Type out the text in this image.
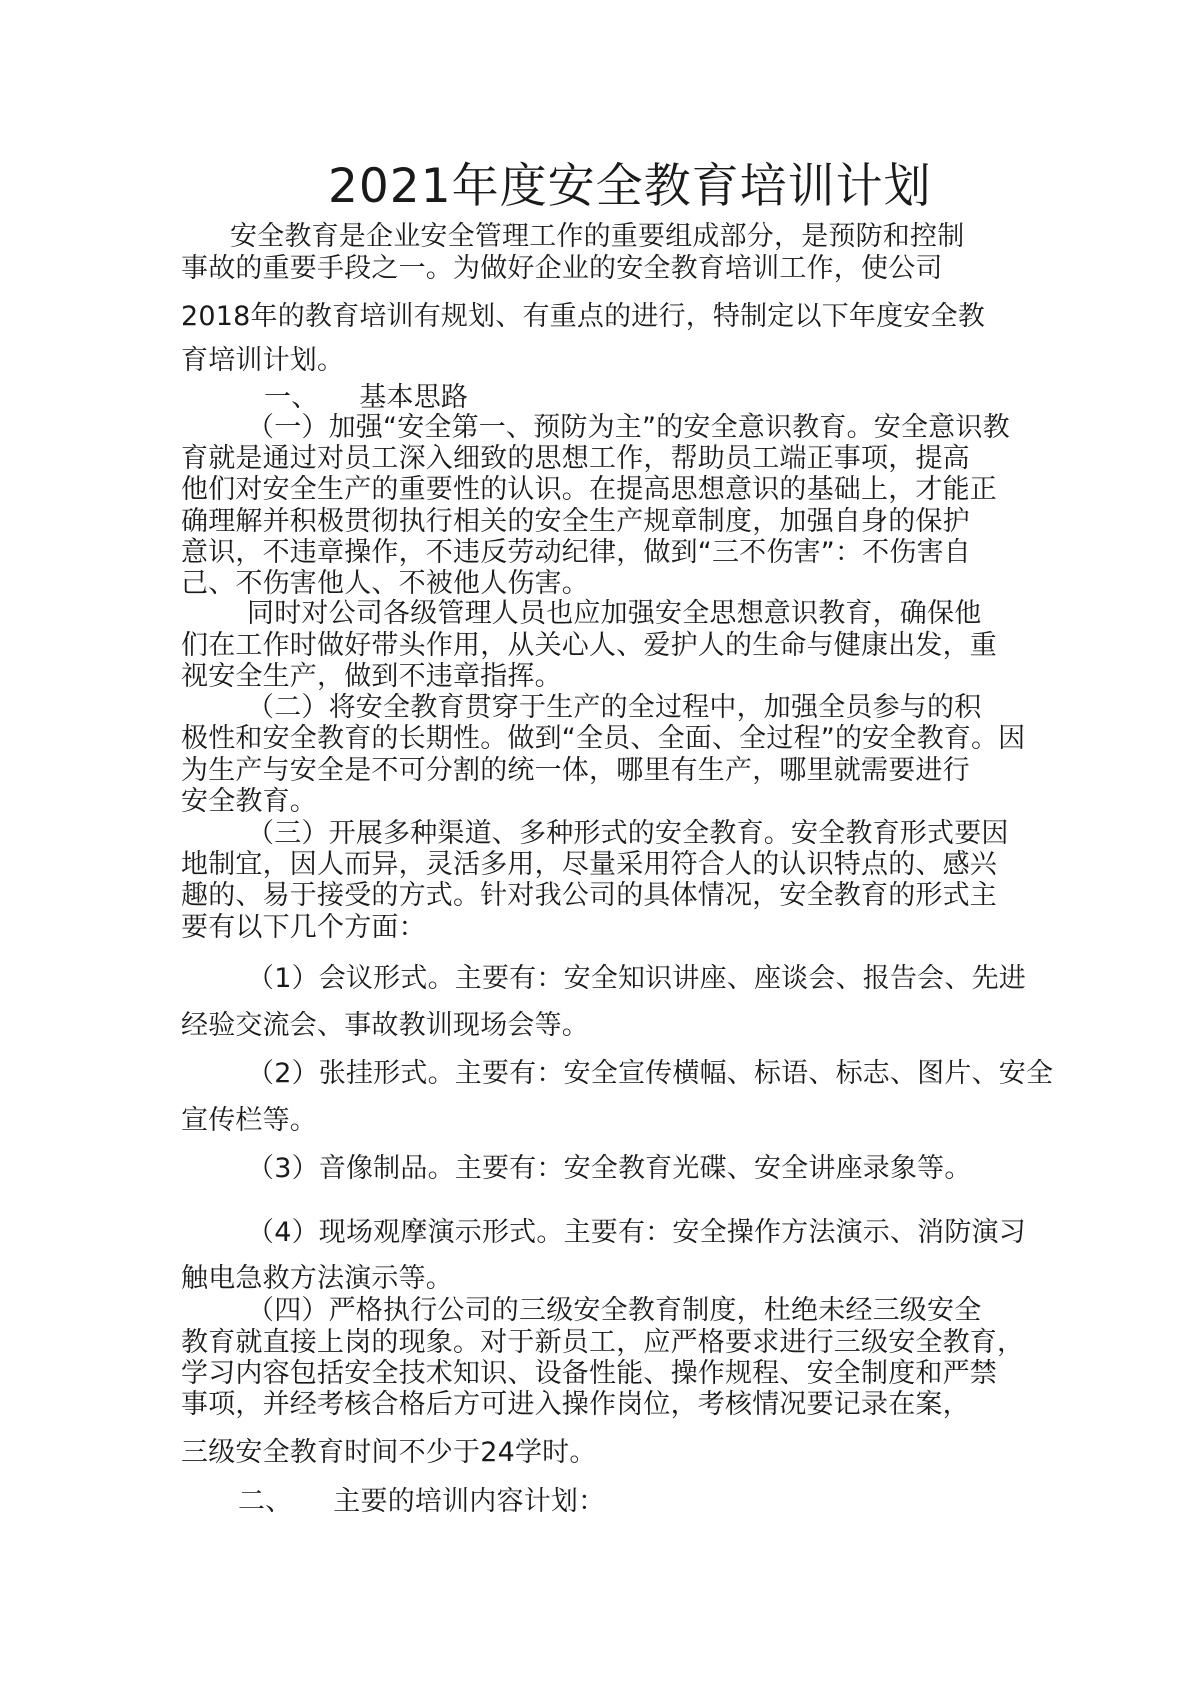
2021年度安全教育培训计划
安全教育是企业安全管理工作的重要组成部分，是预防和控制
事故的重要手段之一。为做好企业的安全教育培训工作，使公司
2018年的教育培训有规划、有重点的进行，特制定以下年度安全教
育培训计划。
一、　　基本思路
（一）加强“安全第一、预防为主”的安全意识教育。安全意识教
育就是通过对员工深入细致的思想工作，帮助员工端正事项，提高
他们对安全生产的重要性的认识。在提高思想意识的基础上，才能正
确理解并积极贯彻执行相关的安全生产规章制度，加强自身的保护
意识，不违章操作，不违反劳动纪律，做到“三不伤害”：不伤害自
己、不伤害他人、不被他人伤害。
同时对公司各级管理人员也应加强安全思想意识教育，确保他
们在工作时做好带头作用，从关心人、爱护人的生命与健康出发，重
视安全生产，做到不违章指挥。
（二）将安全教育贯穿于生产的全过程中，加强全员参与的积
极性和安全教育的长期性。做到“全员、全面、全过程”的安全教育。因
为生产与安全是不可分割的统一体，哪里有生产，哪里就需要进行
安全教育。
（三）开展多种渠道、多种形式的安全教育。安全教育形式要因
地制宜，因人而异，灵活多用，尽量采用符合人的认识特点的、感兴
趣的、易于接受的方式。针对我公司的具体情况，安全教育的形式主
要有以下几个方面：
（1）会议形式。主要有：安全知识讲座、座谈会、报告会、先进
经验交流会、事故教训现场会等。
（2）张挂形式。主要有：安全宣传横幅、标语、标志、图片、安全
宣传栏等。
（3）音像制品。主要有：安全教育光碟、安全讲座录象等。
（4）现场观摩演示形式。主要有：安全操作方法演示、消防演习
触电急救方法演示等。
（四）严格执行公司的三级安全教育制度，杜绝未经三级安全
教育就直接上岗的现象。对于新员工，应严格要求进行三级安全教育，
学习内容包括安全技术知识、设备性能、操作规程、安全制度和严禁
事项，并经考核合格后方可进入操作岗位，考核情况要记录在案，
三级安全教育时间不少于24学时。
二、　　主要的培训内容计划：
